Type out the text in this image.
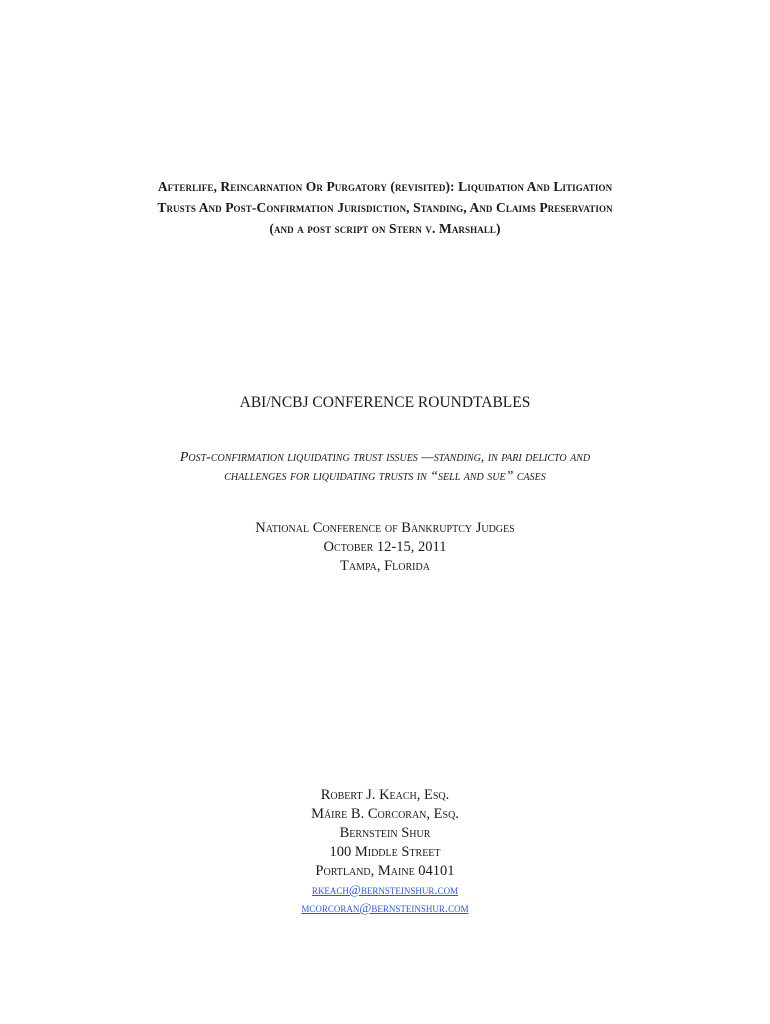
Afterlife, Reincarnation Or Purgatory (revisited): Liquidation And Litigation
Trusts And Post-Confirmation Jurisdiction, Standing, And Claims Preservation
(and a post script on Stern v. Marshall)
ABI/NCBJ CONFERENCE ROUNDTABLES
Post-confirmation liquidating trust issues —standing, in pari delicto and
challenges for liquidating trusts in “sell and sue” cases
National Conference of Bankruptcy Judges
October 12-15, 2011
Tampa, Florida
Robert J. Keach, Esq.
Máire B. Corcoran, Esq.
Bernstein Shur
100 Middle Street
Portland, Maine 04101
rkeach@bernsteinshur.com
mcorcoran@bernsteinshur.com
